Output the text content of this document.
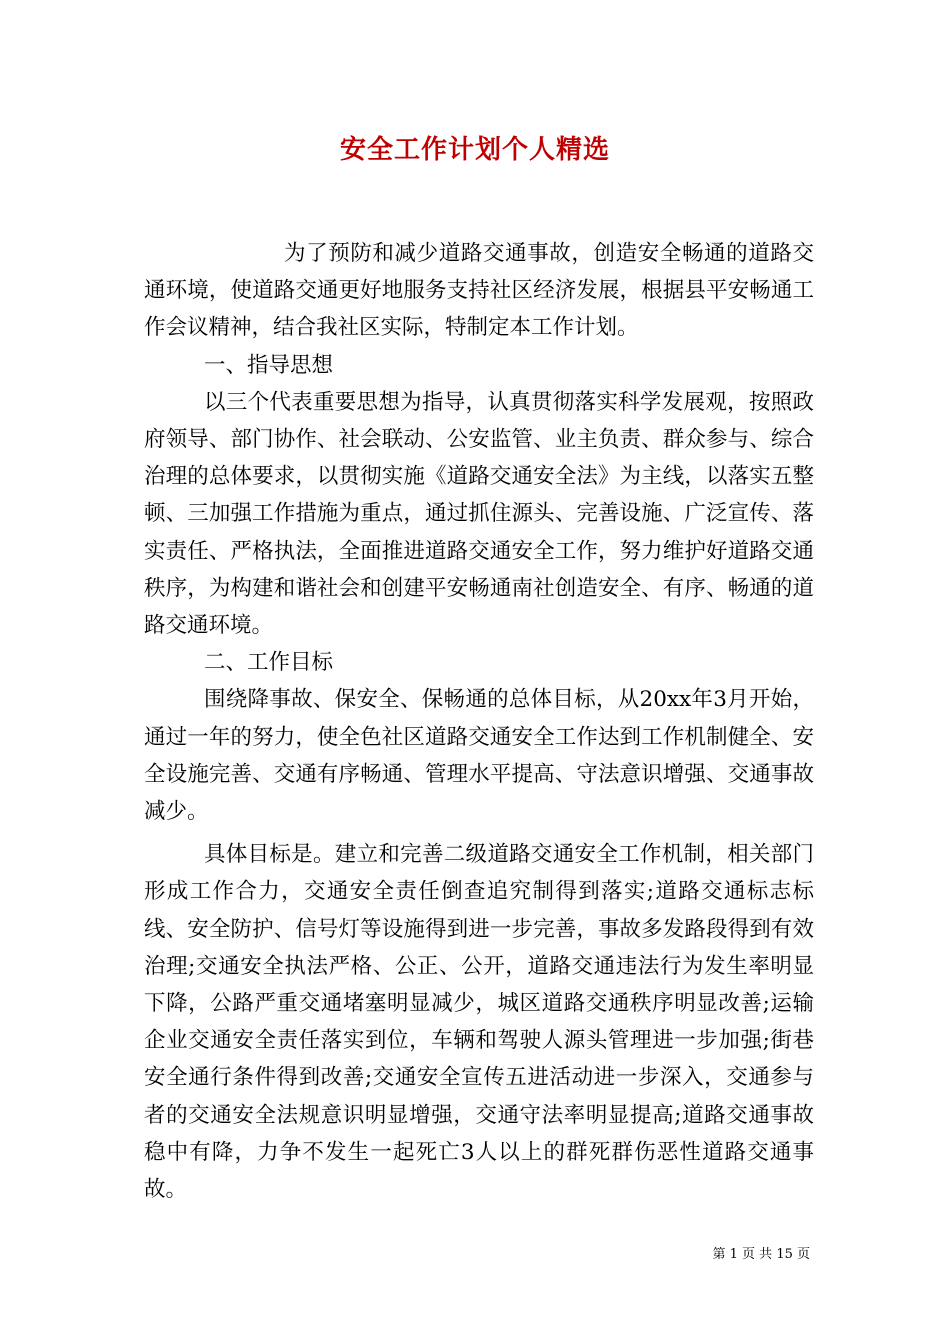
安全工作计划个人精选

为了预防和减少道路交通事故，创造安全畅通的道路交通环境，使道路交通更好地服务支持社区经济发展，根据县平安畅通工作会议精神，结合我社区实际，特制定本工作计划。

一、指导思想

以三个代表重要思想为指导，认真贯彻落实科学发展观，按照政府领导、部门协作、社会联动、公安监管、业主负责、群众参与、综合治理的总体要求，以贯彻实施《道路交通安全法》为主线，以落实五整顿、三加强工作措施为重点，通过抓住源头、完善设施、广泛宣传、落实责任、严格执法，全面推进道路交通安全工作，努力维护好道路交通秩序，为构建和谐社会和创建平安畅通南社创造安全、有序、畅通的道路交通环境。

二、工作目标

围绕降事故、保安全、保畅通的总体目标，从20xx年3月开始，通过一年的努力，使全色社区道路交通安全工作达到工作机制健全、安全设施完善、交通有序畅通、管理水平提高、守法意识增强、交通事故减少。

具体目标是。建立和完善二级道路交通安全工作机制，相关部门形成工作合力，交通安全责任倒查追究制得到落实;道路交通标志标线、安全防护、信号灯等设施得到进一步完善，事故多发路段得到有效治理;交通安全执法严格、公正、公开，道路交通违法行为发生率明显下降，公路严重交通堵塞明显减少，城区道路交通秩序明显改善;运输企业交通安全责任落实到位，车辆和驾驶人源头管理进一步加强;街巷安全通行条件得到改善;交通安全宣传五进活动进一步深入，交通参与者的交通安全法规意识明显增强，交通守法率明显提高;道路交通事故稳中有降，力争不发生一起死亡3人以上的群死群伤恶性道路交通事故。

第 1 页 共 15 页
